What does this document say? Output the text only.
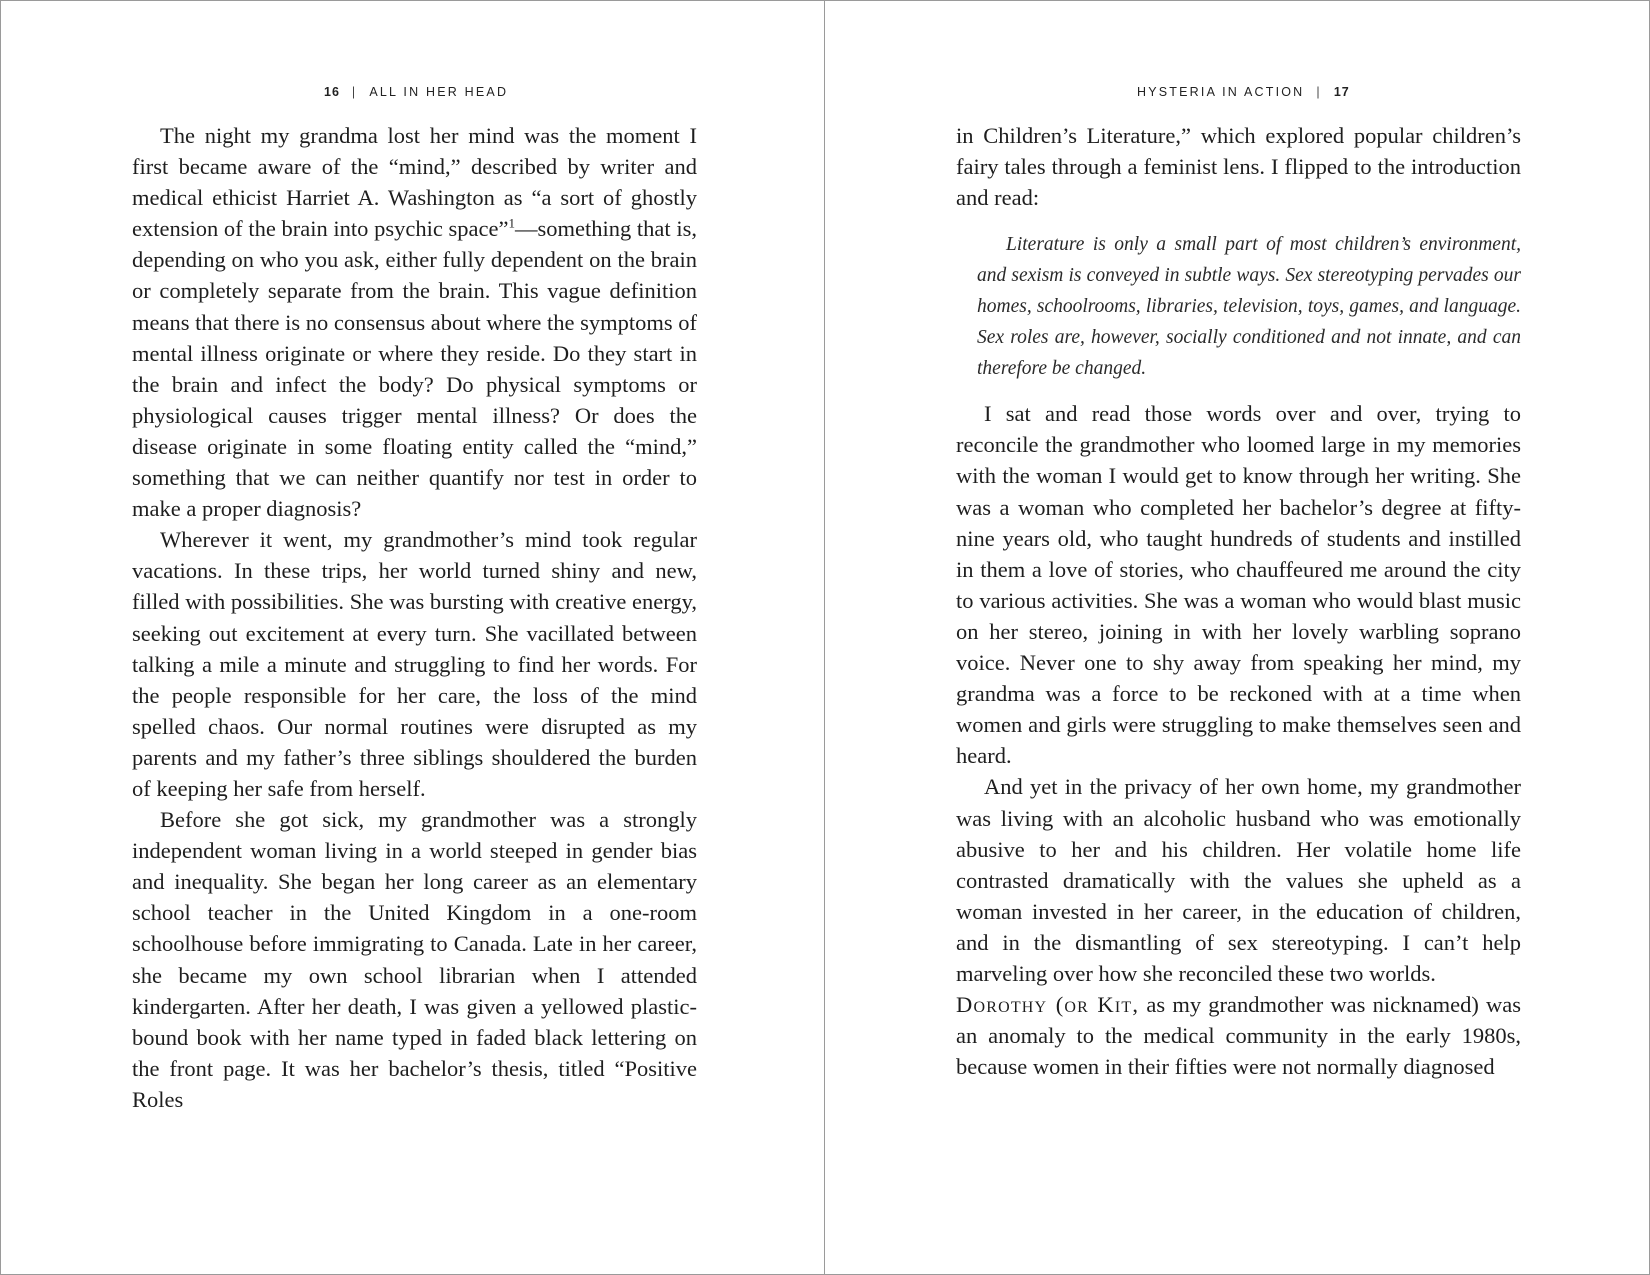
16 | ALL IN HER HEAD

The night my grandma lost her mind was the moment I first became aware of the “mind,” described by writer and medical ethicist Harriet A. Washington as “a sort of ghostly extension of the brain into psychic space”$^1$—something that is, depending on who you ask, either fully dependent on the brain or completely separate from the brain. This vague definition means that there is no consensus about where the symptoms of mental illness originate or where they reside. Do they start in the brain and infect the body? Do physical symptoms or physiological causes trigger mental illness? Or does the disease originate in some floating entity called the “mind,” something that we can neither quantify nor test in order to make a proper diagnosis?

Wherever it went, my grandmother’s mind took regular vacations. In these trips, her world turned shiny and new, filled with possibilities. She was bursting with creative energy, seeking out excitement at every turn. She vacillated between talking a mile a minute and struggling to find her words. For the people responsible for her care, the loss of the mind spelled chaos. Our normal routines were disrupted as my parents and my father’s three siblings shouldered the burden of keeping her safe from herself.

Before she got sick, my grandmother was a strongly independent woman living in a world steeped in gender bias and inequality. She began her long career as an elementary school teacher in the United Kingdom in a one-room schoolhouse before immigrating to Canada. Late in her career, she became my own school librarian when I attended kindergarten. After her death, I was given a yellowed plastic-bound book with her name typed in faded black lettering on the front page. It was her bachelor’s thesis, titled “Positive Roles

HYSTERIA IN ACTION | 17

in Children’s Literature,” which explored popular children’s fairy tales through a feminist lens. I flipped to the introduction and read:

Literature is only a small part of most children’s environment, and sexism is conveyed in subtle ways. Sex stereotyping pervades our homes, schoolrooms, libraries, television, toys, games, and language. Sex roles are, however, socially conditioned and not innate, and can therefore be changed.

I sat and read those words over and over, trying to reconcile the grandmother who loomed large in my memories with the woman I would get to know through her writing. She was a woman who completed her bachelor’s degree at fifty-nine years old, who taught hundreds of students and instilled in them a love of stories, who chauffeured me around the city to various activities. She was a woman who would blast music on her stereo, joining in with her lovely warbling soprano voice. Never one to shy away from speaking her mind, my grandma was a force to be reckoned with at a time when women and girls were struggling to make themselves seen and heard.

And yet in the privacy of her own home, my grandmother was living with an alcoholic husband who was emotionally abusive to her and his children. Her volatile home life contrasted dramatically with the values she upheld as a woman invested in her career, in the education of children, and in the dismantling of sex stereotyping. I can’t help marveling over how she reconciled these two worlds.

Dorothy (or Kit, as my grandmother was nicknamed) was an anomaly to the medical community in the early 1980s, because women in their fifties were not normally diagnosed
